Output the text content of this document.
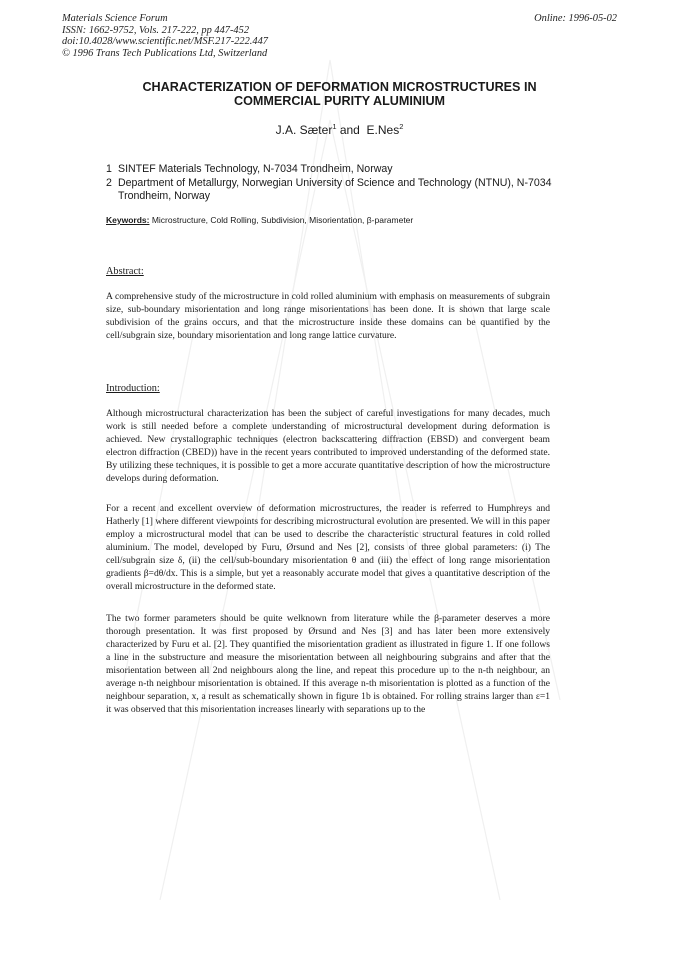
Materials Science Forum
ISSN: 1662-9752, Vols. 217-222, pp 447-452
doi:10.4028/www.scientific.net/MSF.217-222.447
© 1996 Trans Tech Publications Ltd, Switzerland
Online: 1996-05-02
CHARACTERIZATION OF DEFORMATION MICROSTRUCTURES IN
COMMERCIAL PURITY ALUMINIUM
J.A. Sæter$^1$ and  E.Nes$^2$
1 SINTEF Materials Technology, N-7034 Trondheim, Norway
2 Department of Metallurgy, Norwegian University of Science and Technology (NTNU), N-7034 Trondheim, Norway
Keywords: Microstructure, Cold Rolling, Subdivision, Misorientation, β-parameter
Abstract:
A comprehensive study of the microstructure in cold rolled aluminium with emphasis on measurements of subgrain size, sub-boundary misorientation and long range misorientations has been done. It is shown that large scale subdivision of the grains occurs, and that the microstructure inside these domains can be quantified by the cell/subgrain size, boundary misorientation and long range lattice curvature.
Introduction:
Although microstructural characterization has been the subject of careful investigations for many decades, much work is still needed before a complete understanding of microstructural development during deformation is achieved. New crystallographic techniques (electron backscattering diffraction (EBSD) and convergent beam electron diffraction (CBED)) have in the recent years contributed to improved understanding of the deformed state. By utilizing these techniques, it is possible to get a more accurate quantitative description of how the microstructure develops during deformation.
For a recent and excellent overview of deformation microstructures, the reader is referred to Humphreys and Hatherly [1] where different viewpoints for describing microstructural evolution are presented. We will in this paper employ a microstructural model that can be used to describe the characteristic structural features in cold rolled aluminium. The model, developed by Furu, Ørsund and Nes [2], consists of three global parameters: (i) The cell/subgrain size δ, (ii) the cell/sub-boundary misorientation θ and (iii) the effect of long range misorientation gradients β=dθ/dx. This is a simple, but yet a reasonably accurate model that gives a quantitative description of the overall microstructure in the deformed state.
The two former parameters should be quite welknown from literature while the β-parameter deserves a more thorough presentation. It was first proposed by Ørsund and Nes [3] and has later been more extensively characterized by Furu et al. [2]. They quantified the misorientation gradient as illustrated in figure 1. If one follows a line in the substructure and measure the misorientation between all neighbouring subgrains and after that the misorientation between all 2nd neighbours along the line, and repeat this procedure up to the n-th neighbour, an average n-th neighbour misorientation is obtained. If this average n-th misorientation is plotted as a function of the neighbour separation, x, a result as schematically shown in figure 1b is obtained. For rolling strains larger than ε=1 it was observed that this misorientation increases linearly with separations up to the
